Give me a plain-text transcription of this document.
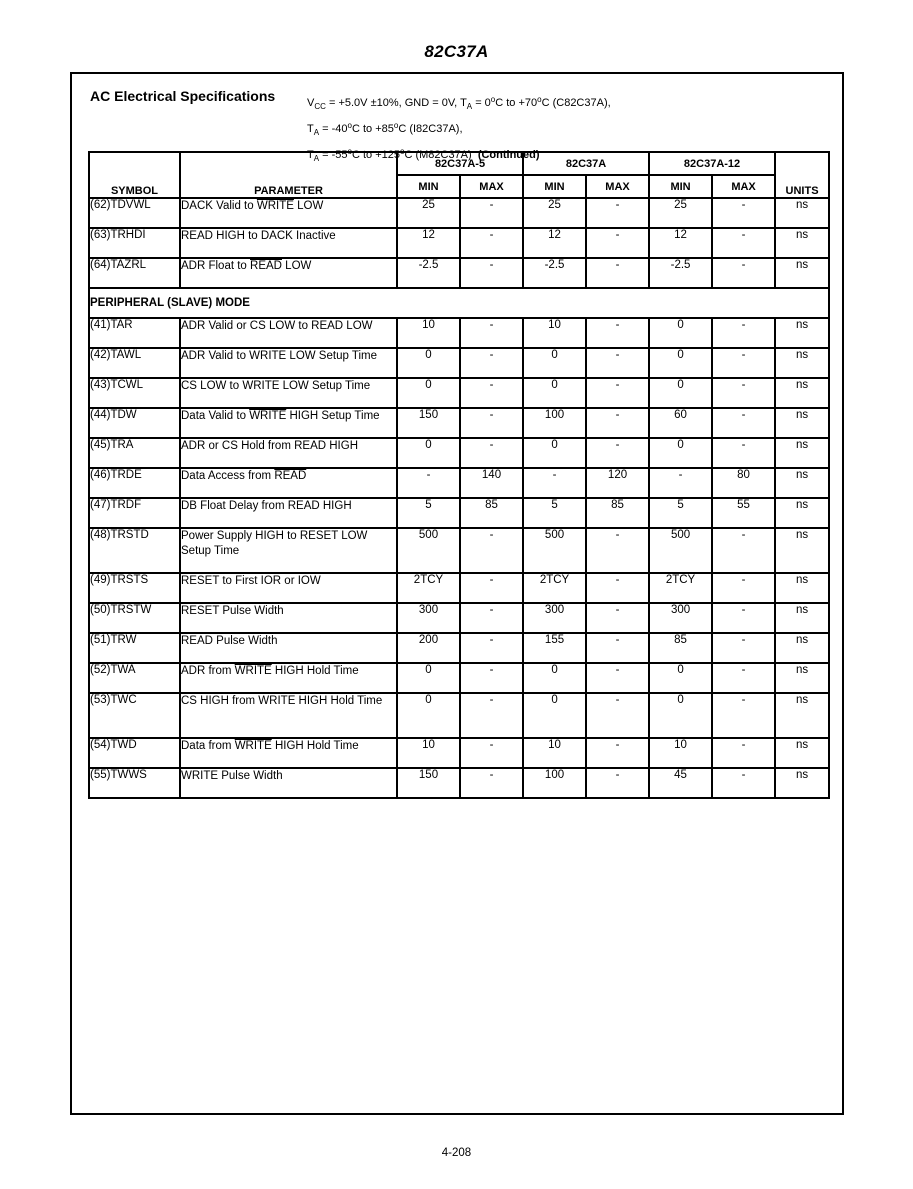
82C37A
AC Electrical Specifications	$V_{CC} = +5.0V \pm 10\%$, GND = 0V, $T_A = 0^oC$ to $+70^oC$ (C82C37A),
$T_A = -40^oC$ to $+85^oC$ (I82C37A),
$T_A = -55^oC$ to $+125^oC$ (M82C37A) (Continued)
SYMBOL	PARAMETER	82C37A-5		82C37A		82C37A-12		UNITS
		MIN	MAX	MIN	MAX	MIN	MAX	
(62)TDVWL	DACK Valid to WRITE LOW	25	-	25	-	25	-	ns
(63)TRHDI	READ HIGH to DACK Inactive	12	-	12	-	12	-	ns
(64)TAZRL	ADR Float to READ LOW	-2.5	-	-2.5	-	-2.5	-	ns
PERIPHERAL (SLAVE) MODE								
(41)TAR	ADR Valid or CS LOW to READ LOW	10	-	10	-	0	-	ns
(42)TAWL	ADR Valid to WRITE LOW Setup Time	0	-	0	-	0	-	ns
(43)TCWL	CS LOW to WRITE LOW Setup Time	0	-	0	-	0	-	ns
(44)TDW	Data Valid to WRITE HIGH Setup Time	150	-	100	-	60	-	ns
(45)TRA	ADR or CS Hold from READ HIGH	0	-	0	-	0	-	ns
(46)TRDE	Data Access from READ	-	140	-	120	-	80	ns
(47)TRDF	DB Float Delay from READ HIGH	5	85	5	85	5	55	ns
(48)TRSTD	Power Supply HIGH to RESET LOW Setup Time	500	-	500	-	500	-	ns
(49)TRSTS	RESET to First IOR or IOW	2TCY	-	2TCY	-	2TCY	-	ns
(50)TRSTW	RESET Pulse Width	300	-	300	-	300	-	ns
(51)TRW	READ Pulse Width	200	-	155	-	85	-	ns
(52)TWA	ADR from WRITE HIGH Hold Time	0	-	0	-	0	-	ns
(53)TWC	CS HIGH from WRITE HIGH Hold Time	0	-	0	-	0	-	ns
(54)TWD	Data from WRITE HIGH Hold Time	10	-	10	-	10	-	ns
(55)TWWS	WRITE Pulse Width	150	-	100	-	45	-	ns
4-208
